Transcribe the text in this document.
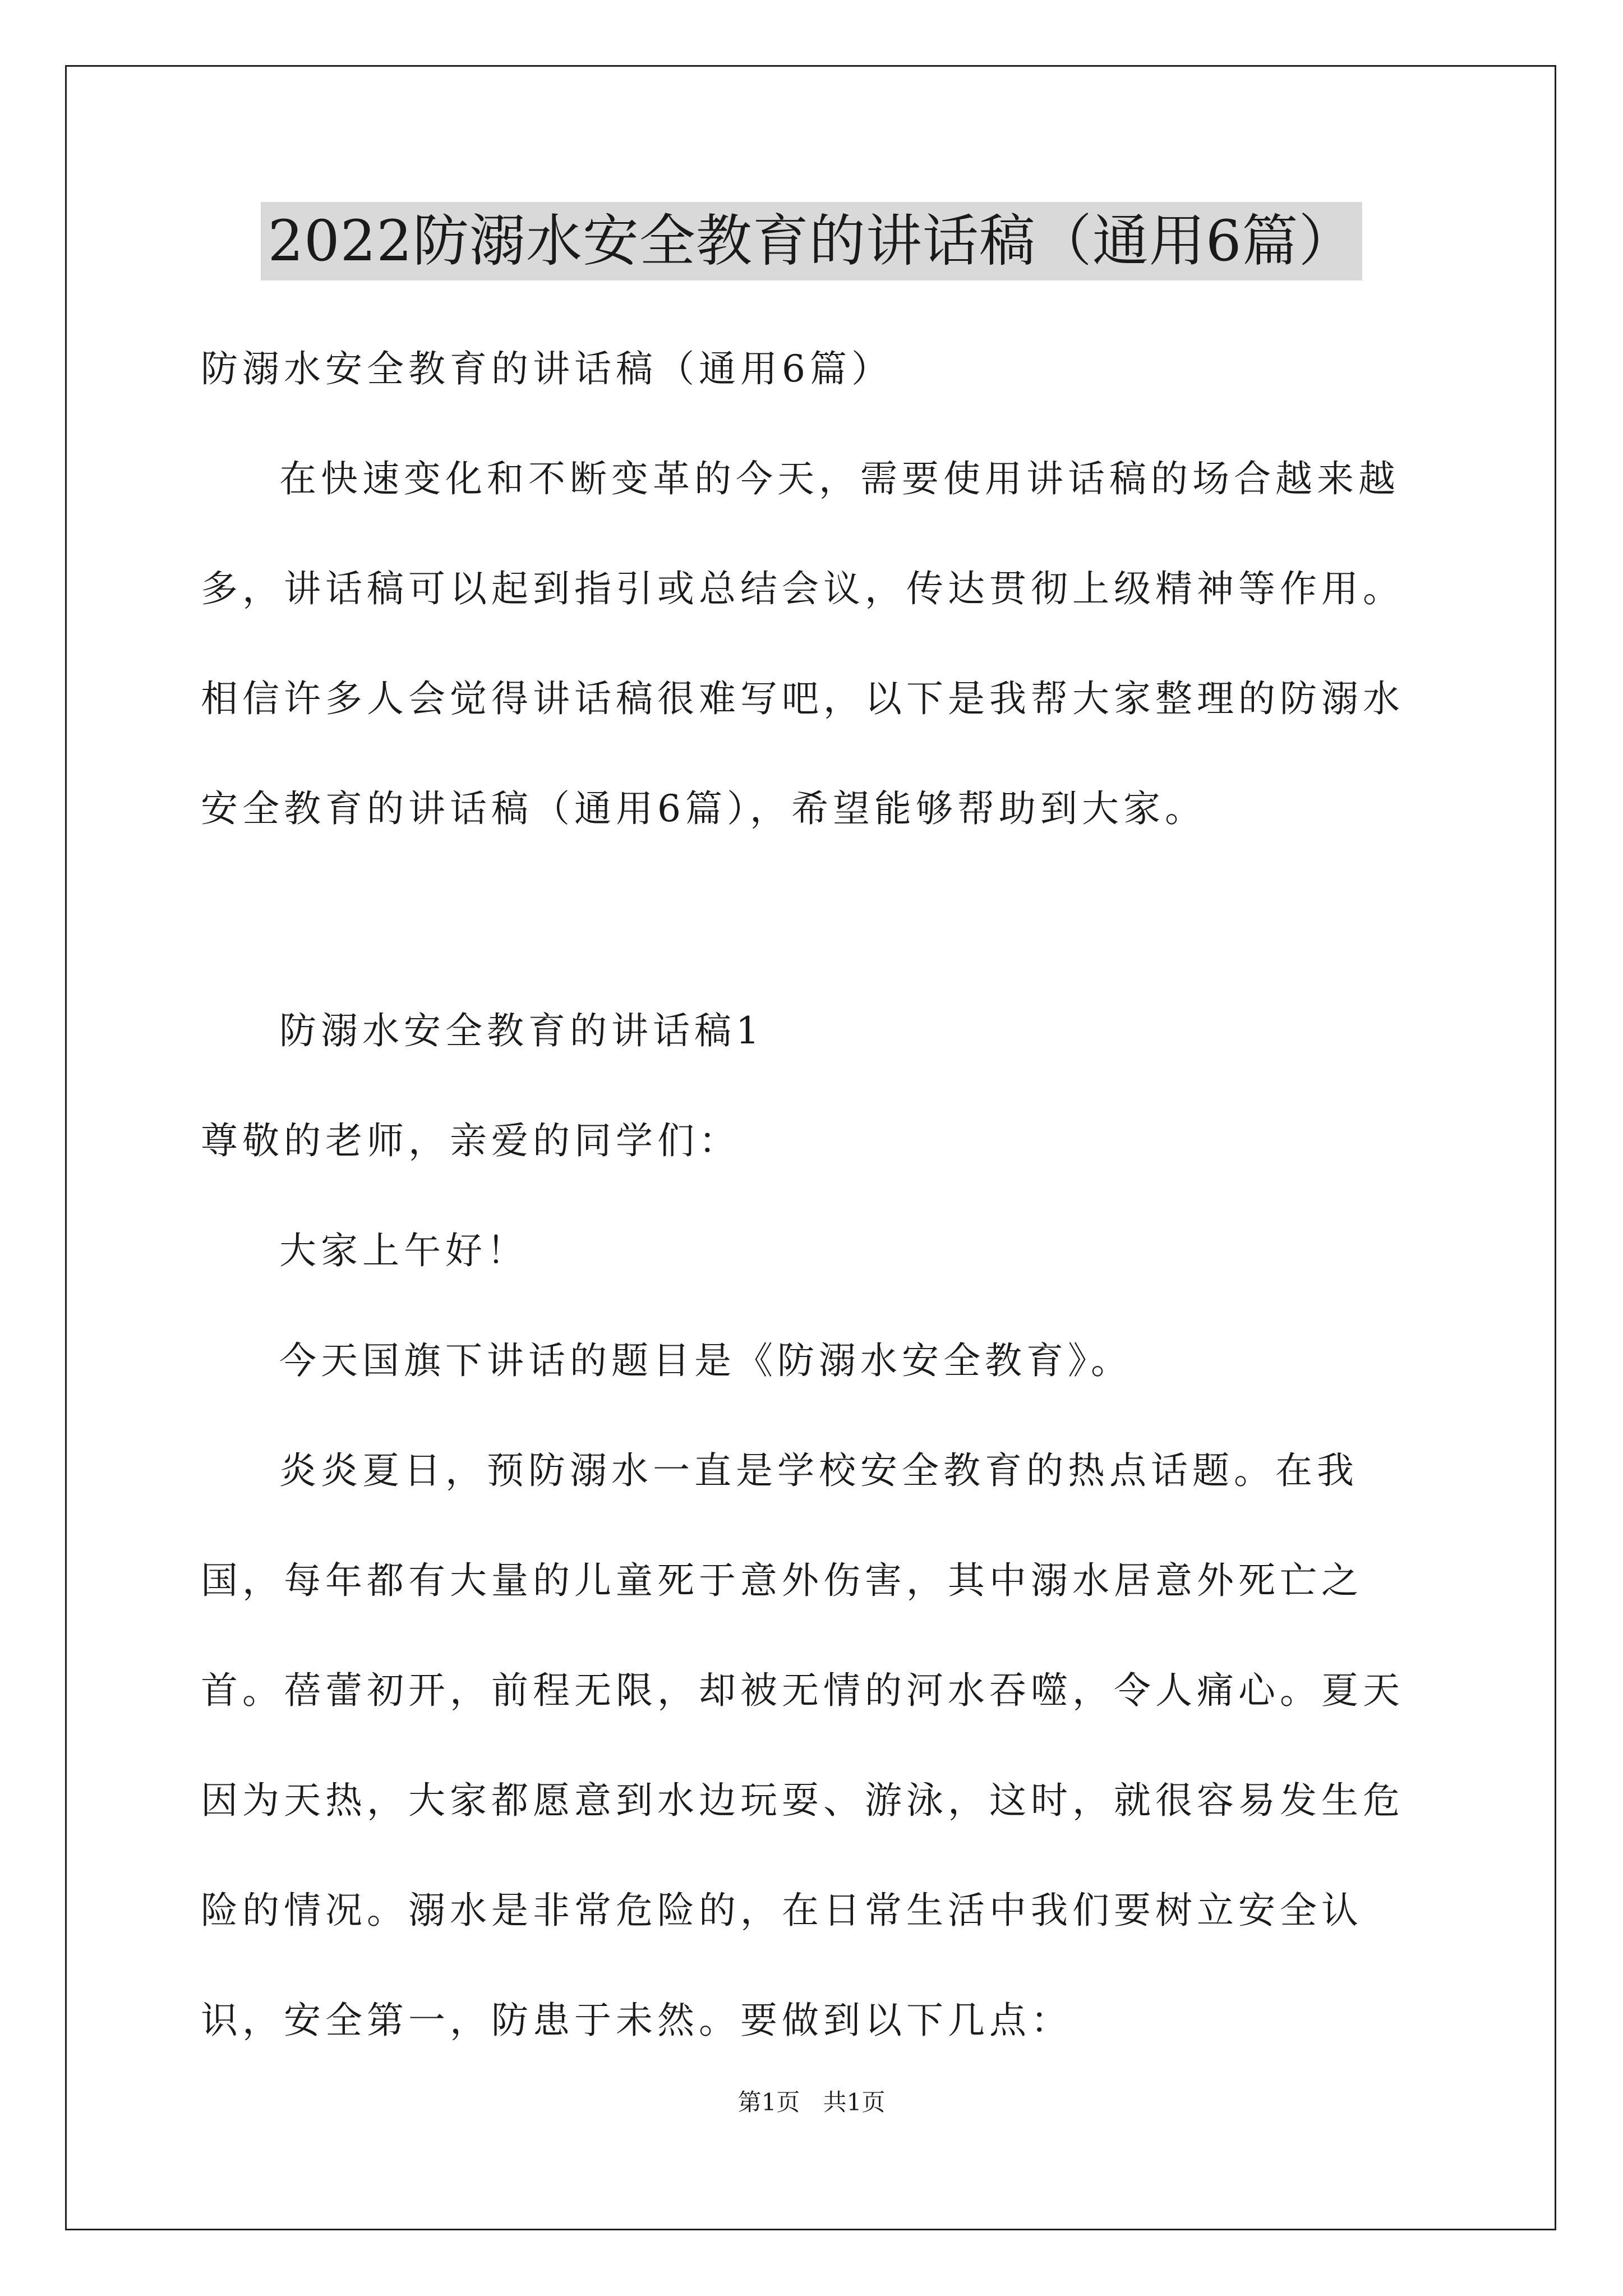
2022防溺水安全教育的讲话稿（通用6篇）

防溺水安全教育的讲话稿（通用6篇）

在快速变化和不断变革的今天，需要使用讲话稿的场合越来越多，讲话稿可以起到指引或总结会议，传达贯彻上级精神等作用。相信许多人会觉得讲话稿很难写吧，以下是我帮大家整理的防溺水安全教育的讲话稿（通用6篇），希望能够帮助到大家。

防溺水安全教育的讲话稿1

尊敬的老师，亲爱的同学们：

大家上午好！

今天国旗下讲话的题目是《防溺水安全教育》。

炎炎夏日，预防溺水一直是学校安全教育的热点话题。在我国，每年都有大量的儿童死于意外伤害，其中溺水居意外死亡之首。蓓蕾初开，前程无限，却被无情的河水吞噬，令人痛心。夏天因为天热，大家都愿意到水边玩耍、游泳，这时，就很容易发生危险的情况。溺水是非常危险的，在日常生活中我们要树立安全认识，安全第一，防患于未然。要做到以下几点：

第1页 共1页
